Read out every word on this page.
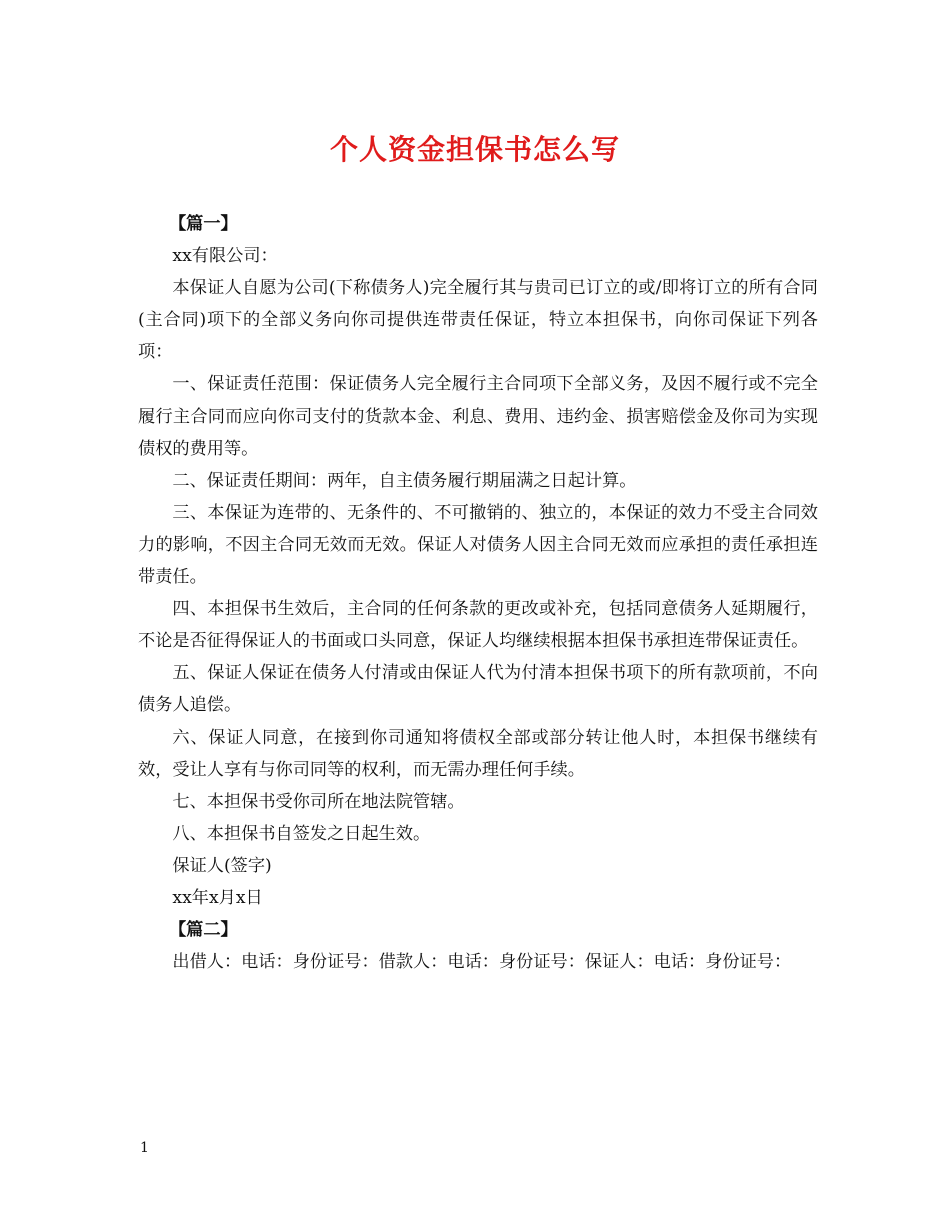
个人资金担保书怎么写

【篇一】

xx有限公司：

本保证人自愿为公司(下称债务人)完全履行其与贵司已订立的或/即将订立的所有合同(主合同)项下的全部义务向你司提供连带责任保证，特立本担保书，向你司保证下列各项：

一、保证责任范围：保证债务人完全履行主合同项下全部义务，及因不履行或不完全履行主合同而应向你司支付的货款本金、利息、费用、违约金、损害赔偿金及你司为实现债权的费用等。

二、保证责任期间：两年，自主债务履行期届满之日起计算。

三、本保证为连带的、无条件的、不可撤销的、独立的，本保证的效力不受主合同效力的影响，不因主合同无效而无效。保证人对债务人因主合同无效而应承担的责任承担连带责任。

四、本担保书生效后，主合同的任何条款的更改或补充，包括同意债务人延期履行，不论是否征得保证人的书面或口头同意，保证人均继续根据本担保书承担连带保证责任。

五、保证人保证在债务人付清或由保证人代为付清本担保书项下的所有款项前，不向债务人追偿。

六、保证人同意，在接到你司通知将债权全部或部分转让他人时，本担保书继续有效，受让人享有与你司同等的权利，而无需办理任何手续。

七、本担保书受你司所在地法院管辖。

八、本担保书自签发之日起生效。

保证人(签字)

xx年x月x日

【篇二】

出借人：电话：身份证号：借款人：电话：身份证号：保证人：电话：身份证号：

1
